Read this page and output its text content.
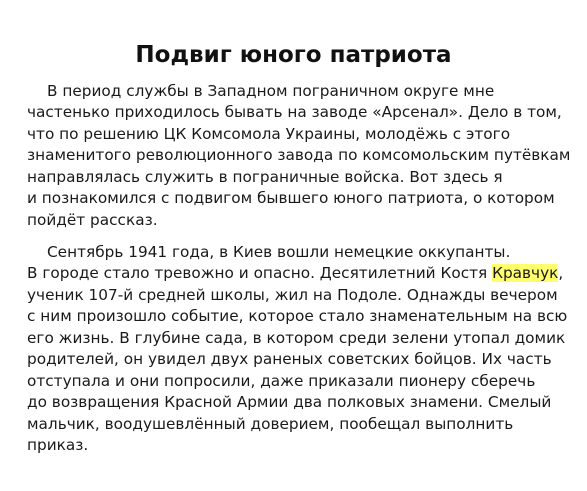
Подвиг юного патриота
В период службы в Западном пограничном округе мне
частенько приходилось бывать на заводе «Арсенал». Дело в том,
что по решению ЦК Комсомола Украины, молодёжь с этого
знаменитого революционного завода по комсомольским путёвкам
направлялась служить в пограничные войска. Вот здесь я
и познакомился с подвигом бывшего юного патриота, о котором
пойдёт рассказ.
Сентябрь 1941 года, в Киев вошли немецкие оккупанты.
В городе стало тревожно и опасно. Десятилетний Костя Кравчук,
ученик 107-й средней школы, жил на Подоле. Однажды вечером
с ним произошло событие, которое стало знаменательным на всю
его жизнь. В глубине сада, в котором среди зелени утопал домик
родителей, он увидел двух раненых советских бойцов. Их часть
отступала и они попросили, даже приказали пионеру сберечь
до возвращения Красной Армии два полковых знамени. Смелый
мальчик, воодушевлённый доверием, пообещал выполнить
приказ.
